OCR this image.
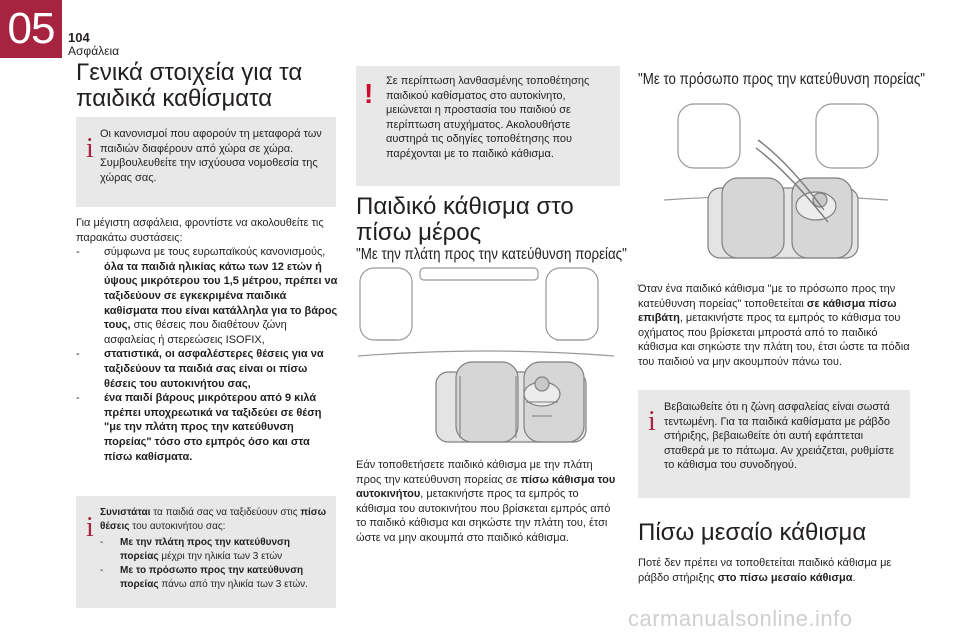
05	104
Ασφάλεια
Γενικά στοιχεία για τα
παιδικά καθίσματα
i Οι κανονισμοί που αφορούν τη μεταφορά των παιδιών διαφέρουν από χώρα σε χώρα. Συμβουλευθείτε την ισχύουσα νομοθεσία της χώρας σας.
Για μέγιστη ασφάλεια, φροντίστε να ακολουθείτε τις παρακάτω συστάσεις:
- σύμφωνα με τους ευρωπαϊκούς κανονισμούς, όλα τα παιδιά ηλικίας κάτω των 12 ετών ή ύψους μικρότερου του 1,5 μέτρου, πρέπει να ταξιδεύουν σε εγκεκριμένα παιδικά καθίσματα που είναι κατάλληλα για το βάρος τους, στις θέσεις που διαθέτουν ζώνη ασφαλείας ή στερεώσεις ISOFIX,
- στατιστικά, οι ασφαλέστερες θέσεις για να ταξιδεύουν τα παιδιά σας είναι οι πίσω θέσεις του αυτοκινήτου σας,
- ένα παιδί βάρους μικρότερου από 9 κιλά πρέπει υποχρεωτικά να ταξιδεύει σε θέση "με την πλάτη προς την κατεύθυνση πορείας" τόσο στο εμπρός όσο και στα πίσω καθίσματα.
i Συνιστάται τα παιδιά σας να ταξιδεύουν στις πίσω θέσεις του αυτοκινήτου σας:
- Με την πλάτη προς την κατεύθυνση πορείας μέχρι την ηλικία των 3 ετών
- Με το πρόσωπο προς την κατεύθυνση πορείας πάνω από την ηλικία των 3 ετών.
! Σε περίπτωση λανθασμένης τοποθέτησης παιδικού καθίσματος στο αυτοκίνητο, μειώνεται η προστασία του παιδιού σε περίπτωση ατυχήματος. Ακολουθήστε αυστηρά τις οδηγίες τοποθέτησης που παρέχονται με το παιδικό κάθισμα.
Παιδικό κάθισμα στο
πίσω μέρος
"Με την πλάτη προς την κατεύθυνση πορείας"
Εάν τοποθετήσετε παιδικό κάθισμα με την πλάτη προς την κατεύθυνση πορείας σε πίσω κάθισμα του αυτοκινήτου, μετακινήστε προς τα εμπρός το κάθισμα του αυτοκινήτου που βρίσκεται εμπρός από το παιδικό κάθισμα και σηκώστε την πλάτη του, έτσι ώστε να μην ακουμπά στο παιδικό κάθισμα.
"Με το πρόσωπο προς την κατεύθυνση πορείας"
Όταν ένα παιδικό κάθισμα "με το πρόσωπο προς την κατεύθυνση πορείας" τοποθετείται σε κάθισμα πίσω επιβάτη, μετακινήστε προς τα εμπρός το κάθισμα του οχήματος που βρίσκεται μπροστά από το παιδικό κάθισμα και σηκώστε την πλάτη του, έτσι ώστε τα πόδια του παιδιού να μην ακουμπούν πάνω του.
i Βεβαιωθείτε ότι η ζώνη ασφαλείας είναι σωστά τεντωμένη. Για τα παιδικά καθίσματα με ράβδο στήριξης, βεβαιωθείτε ότι αυτή εφάπτεται σταθερά με το πάτωμα. Αν χρειάζεται, ρυθμίστε το κάθισμα του συνοδηγού.
Πίσω μεσαίο κάθισμα
Ποτέ δεν πρέπει να τοποθετείται παιδικό κάθισμα με ράβδο στήριξης στο πίσω μεσαίο κάθισμα.
carmanualsonline.info
